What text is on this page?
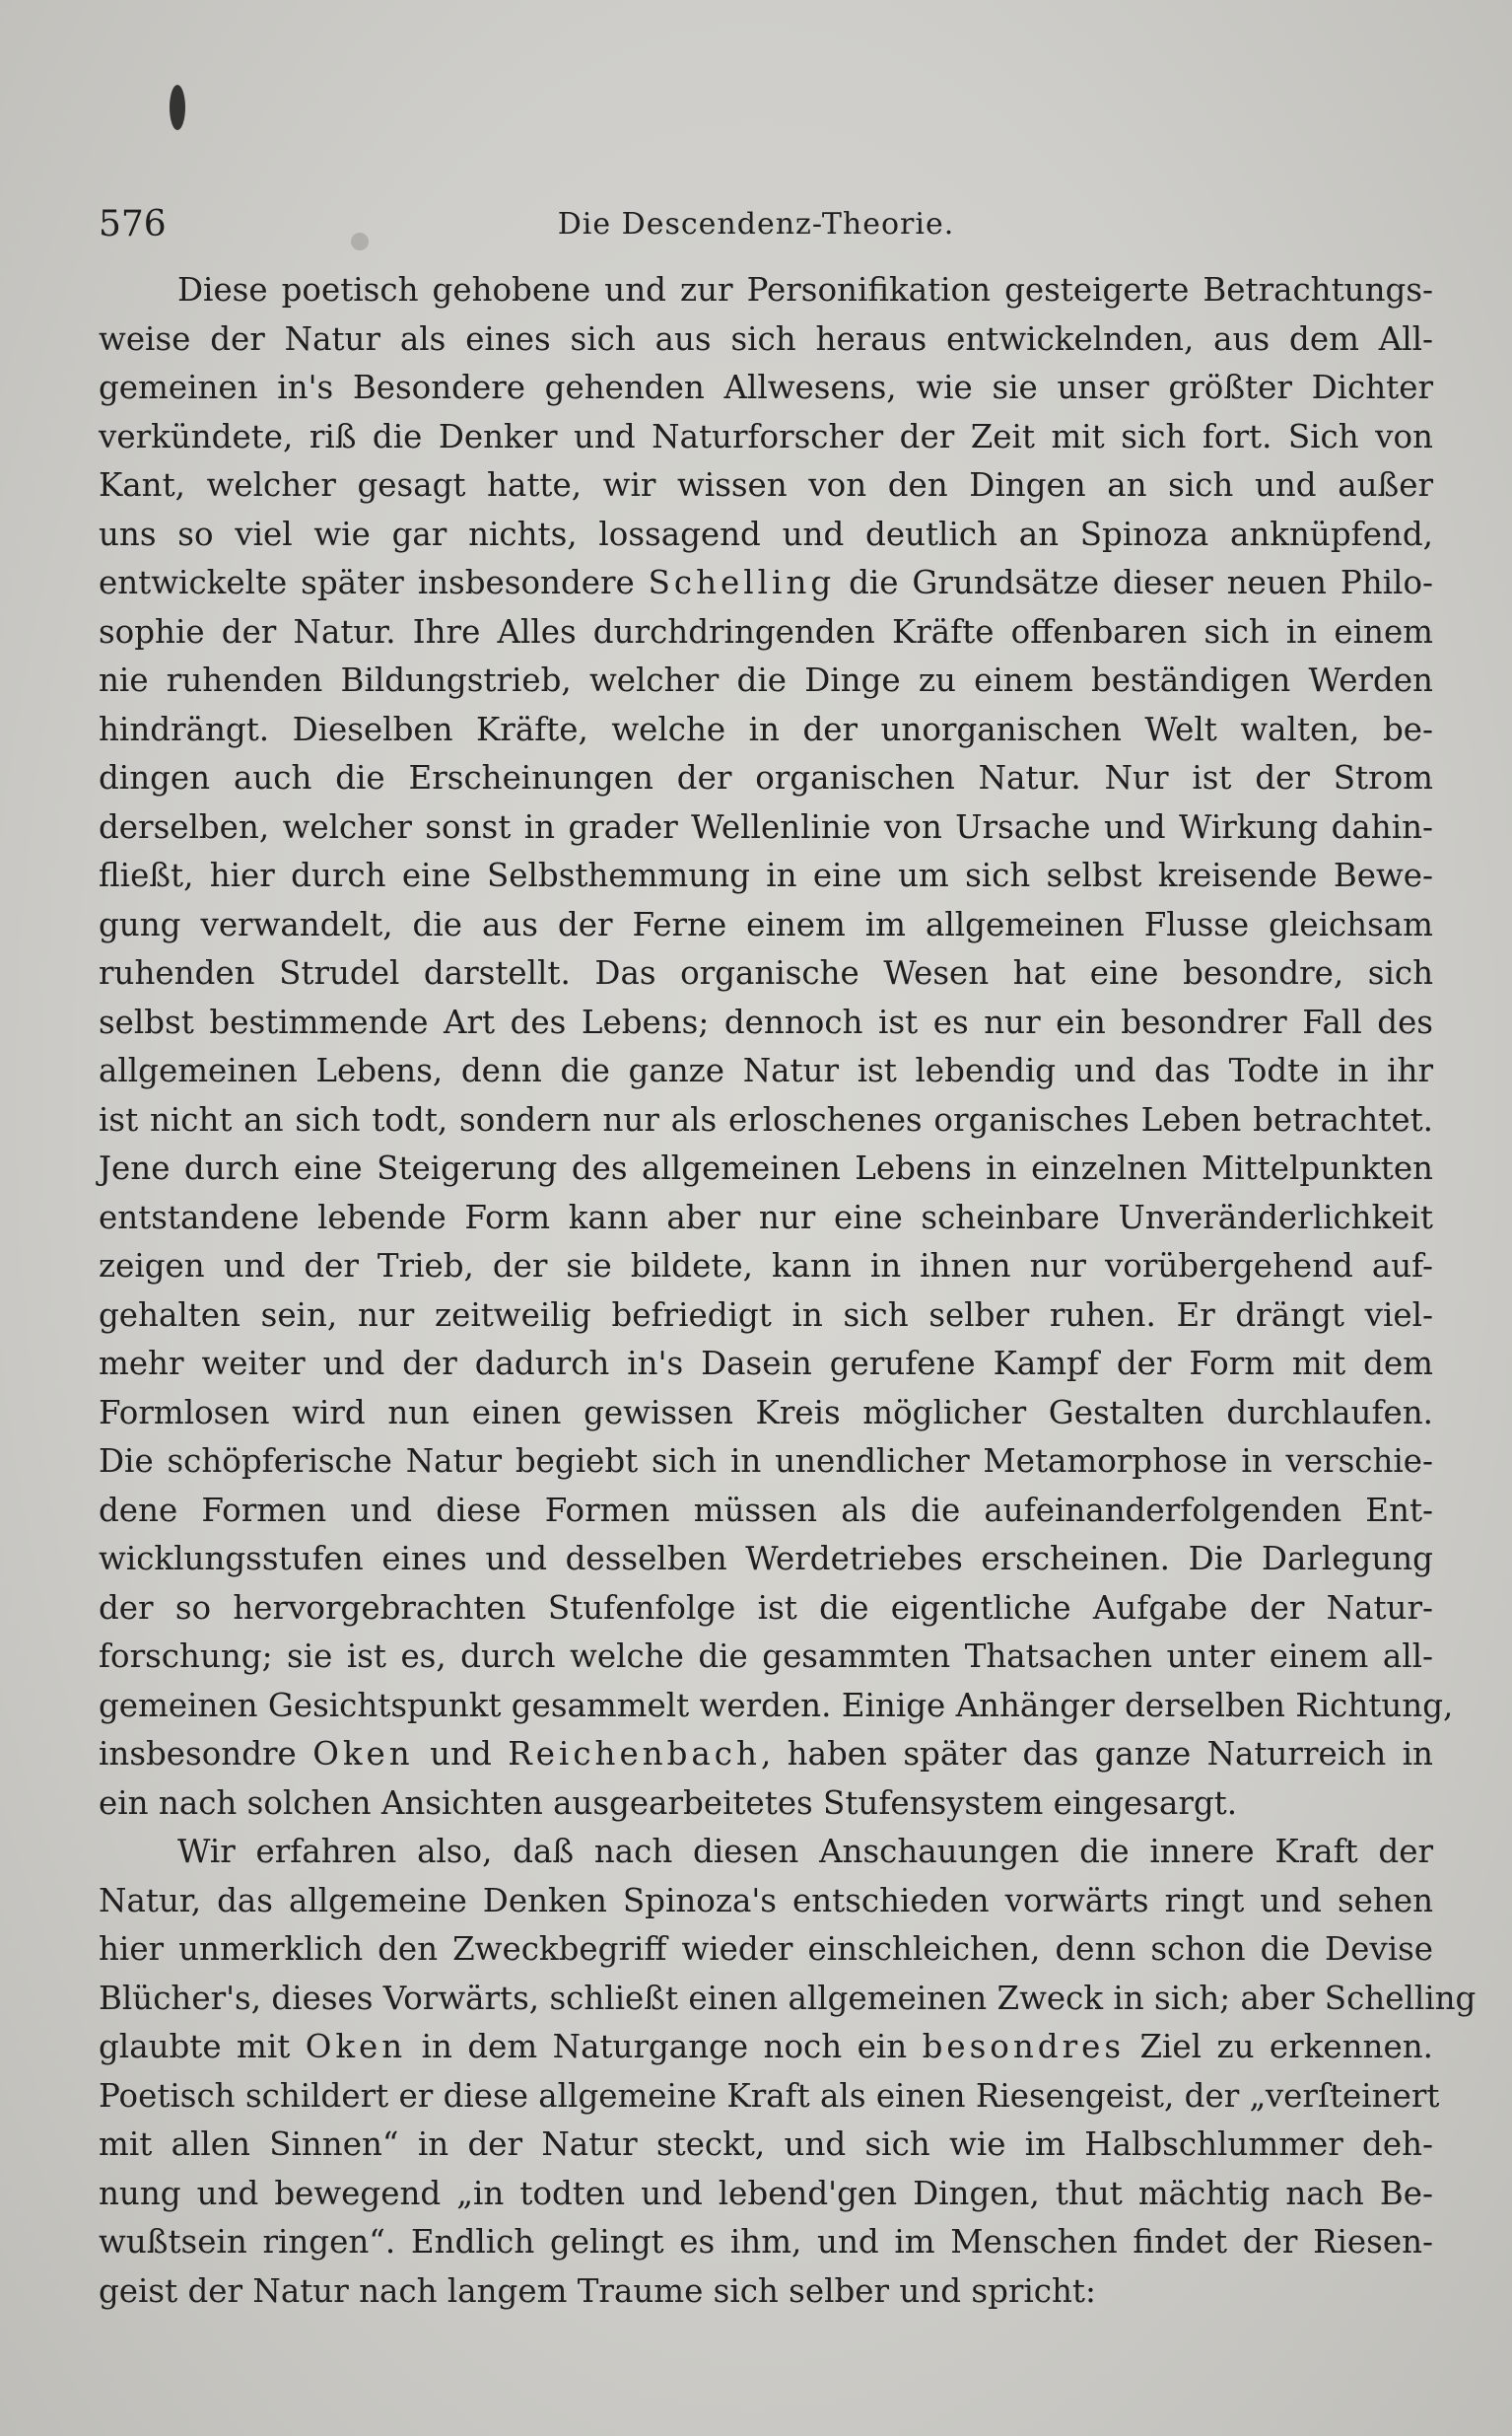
576	Die Descendenz-Theorie.
Diese poetisch gehobene und zur Personifikation gesteigerte Betrachtungs-
weise der Natur als eines sich aus sich heraus entwickelnden, aus dem All-
gemeinen in's Besondere gehenden Allwesens, wie sie unser größter Dichter
verkündete, riß die Denker und Naturforscher der Zeit mit sich fort. Sich von
Kant, welcher gesagt hatte, wir wissen von den Dingen an sich und außer
uns so viel wie gar nichts, lossagend und deutlich an Spinoza anknüpfend,
entwickelte später insbesondere Schelling die Grundsätze dieser neuen Philo-
sophie der Natur. Ihre Alles durchdringenden Kräfte offenbaren sich in einem
nie ruhenden Bildungstrieb, welcher die Dinge zu einem beständigen Werden
hindrängt. Dieselben Kräfte, welche in der unorganischen Welt walten, be-
dingen auch die Erscheinungen der organischen Natur. Nur ist der Strom
derselben, welcher sonst in grader Wellenlinie von Ursache und Wirkung dahin-
fließt, hier durch eine Selbsthemmung in eine um sich selbst kreisende Bewe-
gung verwandelt, die aus der Ferne einem im allgemeinen Flusse gleichsam
ruhenden Strudel darstellt. Das organische Wesen hat eine besondre, sich
selbst bestimmende Art des Lebens; dennoch ist es nur ein besondrer Fall des
allgemeinen Lebens, denn die ganze Natur ist lebendig und das Todte in ihr
ist nicht an sich todt, sondern nur als erloschenes organisches Leben betrachtet.
Jene durch eine Steigerung des allgemeinen Lebens in einzelnen Mittelpunkten
entstandene lebende Form kann aber nur eine scheinbare Unveränderlichkeit
zeigen und der Trieb, der sie bildete, kann in ihnen nur vorübergehend auf-
gehalten sein, nur zeitweilig befriedigt in sich selber ruhen. Er drängt viel-
mehr weiter und der dadurch in's Dasein gerufene Kampf der Form mit dem
Formlosen wird nun einen gewissen Kreis möglicher Gestalten durchlaufen.
Die schöpferische Natur begiebt sich in unendlicher Metamorphose in verschie-
dene Formen und diese Formen müssen als die aufeinanderfolgenden Ent-
wicklungsstufen eines und desselben Werdetriebes erscheinen. Die Darlegung
der so hervorgebrachten Stufenfolge ist die eigentliche Aufgabe der Natur-
forschung; sie ist es, durch welche die gesammten Thatsachen unter einem all-
gemeinen Gesichtspunkt gesammelt werden. Einige Anhänger derselben Richtung,
insbesondre Oken und Reichenbach, haben später das ganze Naturreich in
ein nach solchen Ansichten ausgearbeitetes Stufensystem eingesargt.
Wir erfahren also, daß nach diesen Anschauungen die innere Kraft der
Natur, das allgemeine Denken Spinoza's entschieden vorwärts ringt und sehen
hier unmerklich den Zweckbegriff wieder einschleichen, denn schon die Devise
Blücher's, dieses Vorwärts, schließt einen allgemeinen Zweck in sich; aber Schelling
glaubte mit Oken in dem Naturgange noch ein besondres Ziel zu erkennen.
Poetisch schildert er diese allgemeine Kraft als einen Riesengeist, der „verſteinert
mit allen Sinnen“ in der Natur steckt, und sich wie im Halbschlummer deh-
nung und bewegend „in todten und lebend'gen Dingen, thut mächtig nach Be-
wußtsein ringen“. Endlich gelingt es ihm, und im Menschen findet der Riesen-
geist der Natur nach langem Traume sich selber und spricht:
